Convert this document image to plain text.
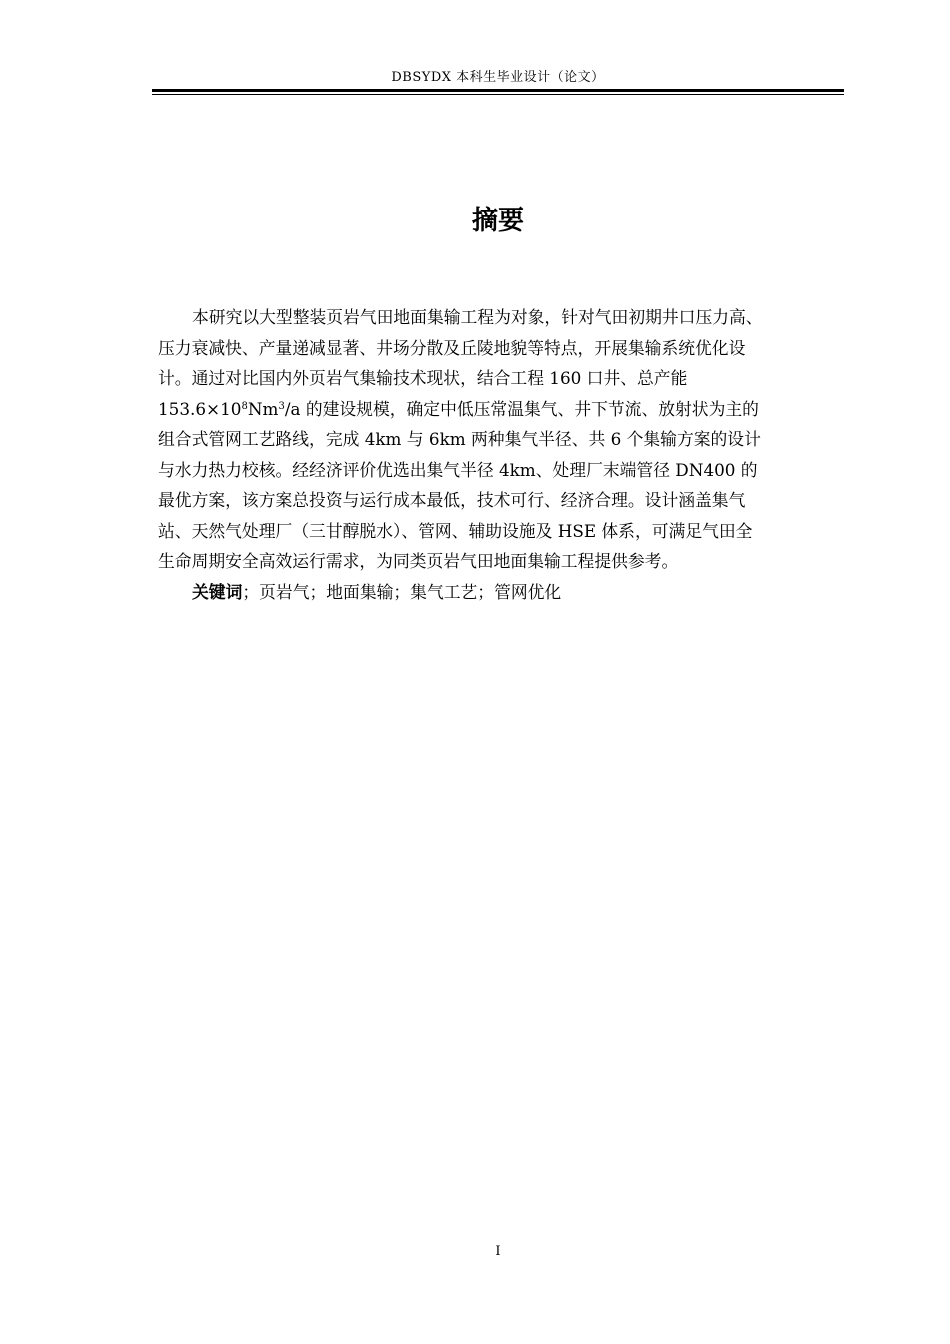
DBSYDX 本科生毕业设计（论文）
摘要
本研究以大型整装页岩气田地面集输工程为对象，针对气田初期井口压力高、
压力衰减快、产量递减显著、井场分散及丘陵地貌等特点，开展集输系统优化设
计。通过对比国内外页岩气集输技术现状，结合工程 160 口井、总产能
$153.6\times 10^8Nm^3/a$ 的建设规模，确定中低压常温集气、井下节流、放射状为主的
组合式管网工艺路线，完成 4km 与 6km 两种集气半径、共 6 个集输方案的设计
与水力热力校核。经经济评价优选出集气半径 4km、处理厂末端管径 DN400 的
最优方案，该方案总投资与运行成本最低，技术可行、经济合理。设计涵盖集气
站、天然气处理厂（三甘醇脱水）、管网、辅助设施及 HSE 体系，可满足气田全
生命周期安全高效运行需求，为同类页岩气田地面集输工程提供参考。
关键词；页岩气；地面集输；集气工艺；管网优化
I
